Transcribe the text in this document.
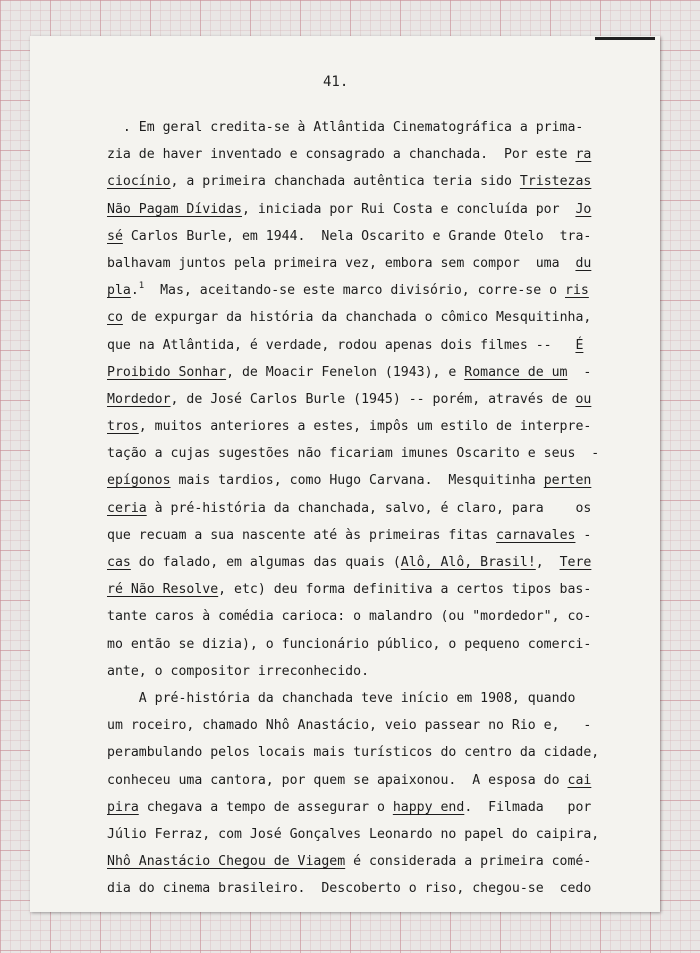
41.
. Em geral credita-se à Atlântida Cinematográfica a prima-
zia de haver inventado e consagrado a chanchada.  Por este ra
ciocínio, a primeira chanchada autêntica teria sido Tristezas
Não Pagam Dívidas, iniciada por Rui Costa e concluída por  Jo
sé Carlos Burle, em 1944.  Nela Oscarito e Grande Otelo  tra-
balhavam juntos pela primeira vez, embora sem compor  uma  du
pla.$^1$  Mas, aceitando-se este marco divisório, corre-se o ris
co de expurgar da história da chanchada o cômico Mesquitinha,
que na Atlântida, é verdade, rodou apenas dois filmes --   É
Proibido Sonhar, de Moacir Fenelon (1943), e Romance de um  -
Mordedor, de José Carlos Burle (1945) -- porém, através de ou
tros, muitos anteriores a estes, impôs um estilo de interpre-
tação a cujas sugestões não ficariam imunes Oscarito e seus  -
epígonos mais tardios, como Hugo Carvana.  Mesquitinha perten
ceria à pré-história da chanchada, salvo, é claro, para    os
que recuam a sua nascente até às primeiras fitas carnavales -
cas do falado, em algumas das quais (Alô, Alô, Brasil!,  Tere
ré Não Resolve, etc) deu forma definitiva a certos tipos bas-
tante caros à comédia carioca: o malandro (ou "mordedor", co-
mo então se dizia), o funcionário público, o pequeno comerci-
ante, o compositor irreconhecido.
A pré-história da chanchada teve início em 1908, quando
um roceiro, chamado Nhô Anastácio, veio passear no Rio e,   -
perambulando pelos locais mais turísticos do centro da cidade,
conheceu uma cantora, por quem se apaixonou.  A esposa do cai
pira chegava a tempo de assegurar o happy end.  Filmada   por
Júlio Ferraz, com José Gonçalves Leonardo no papel do caipira,
Nhô Anastácio Chegou de Viagem é considerada a primeira comé-
dia do cinema brasileiro.  Descoberto o riso, chegou-se  cedo
